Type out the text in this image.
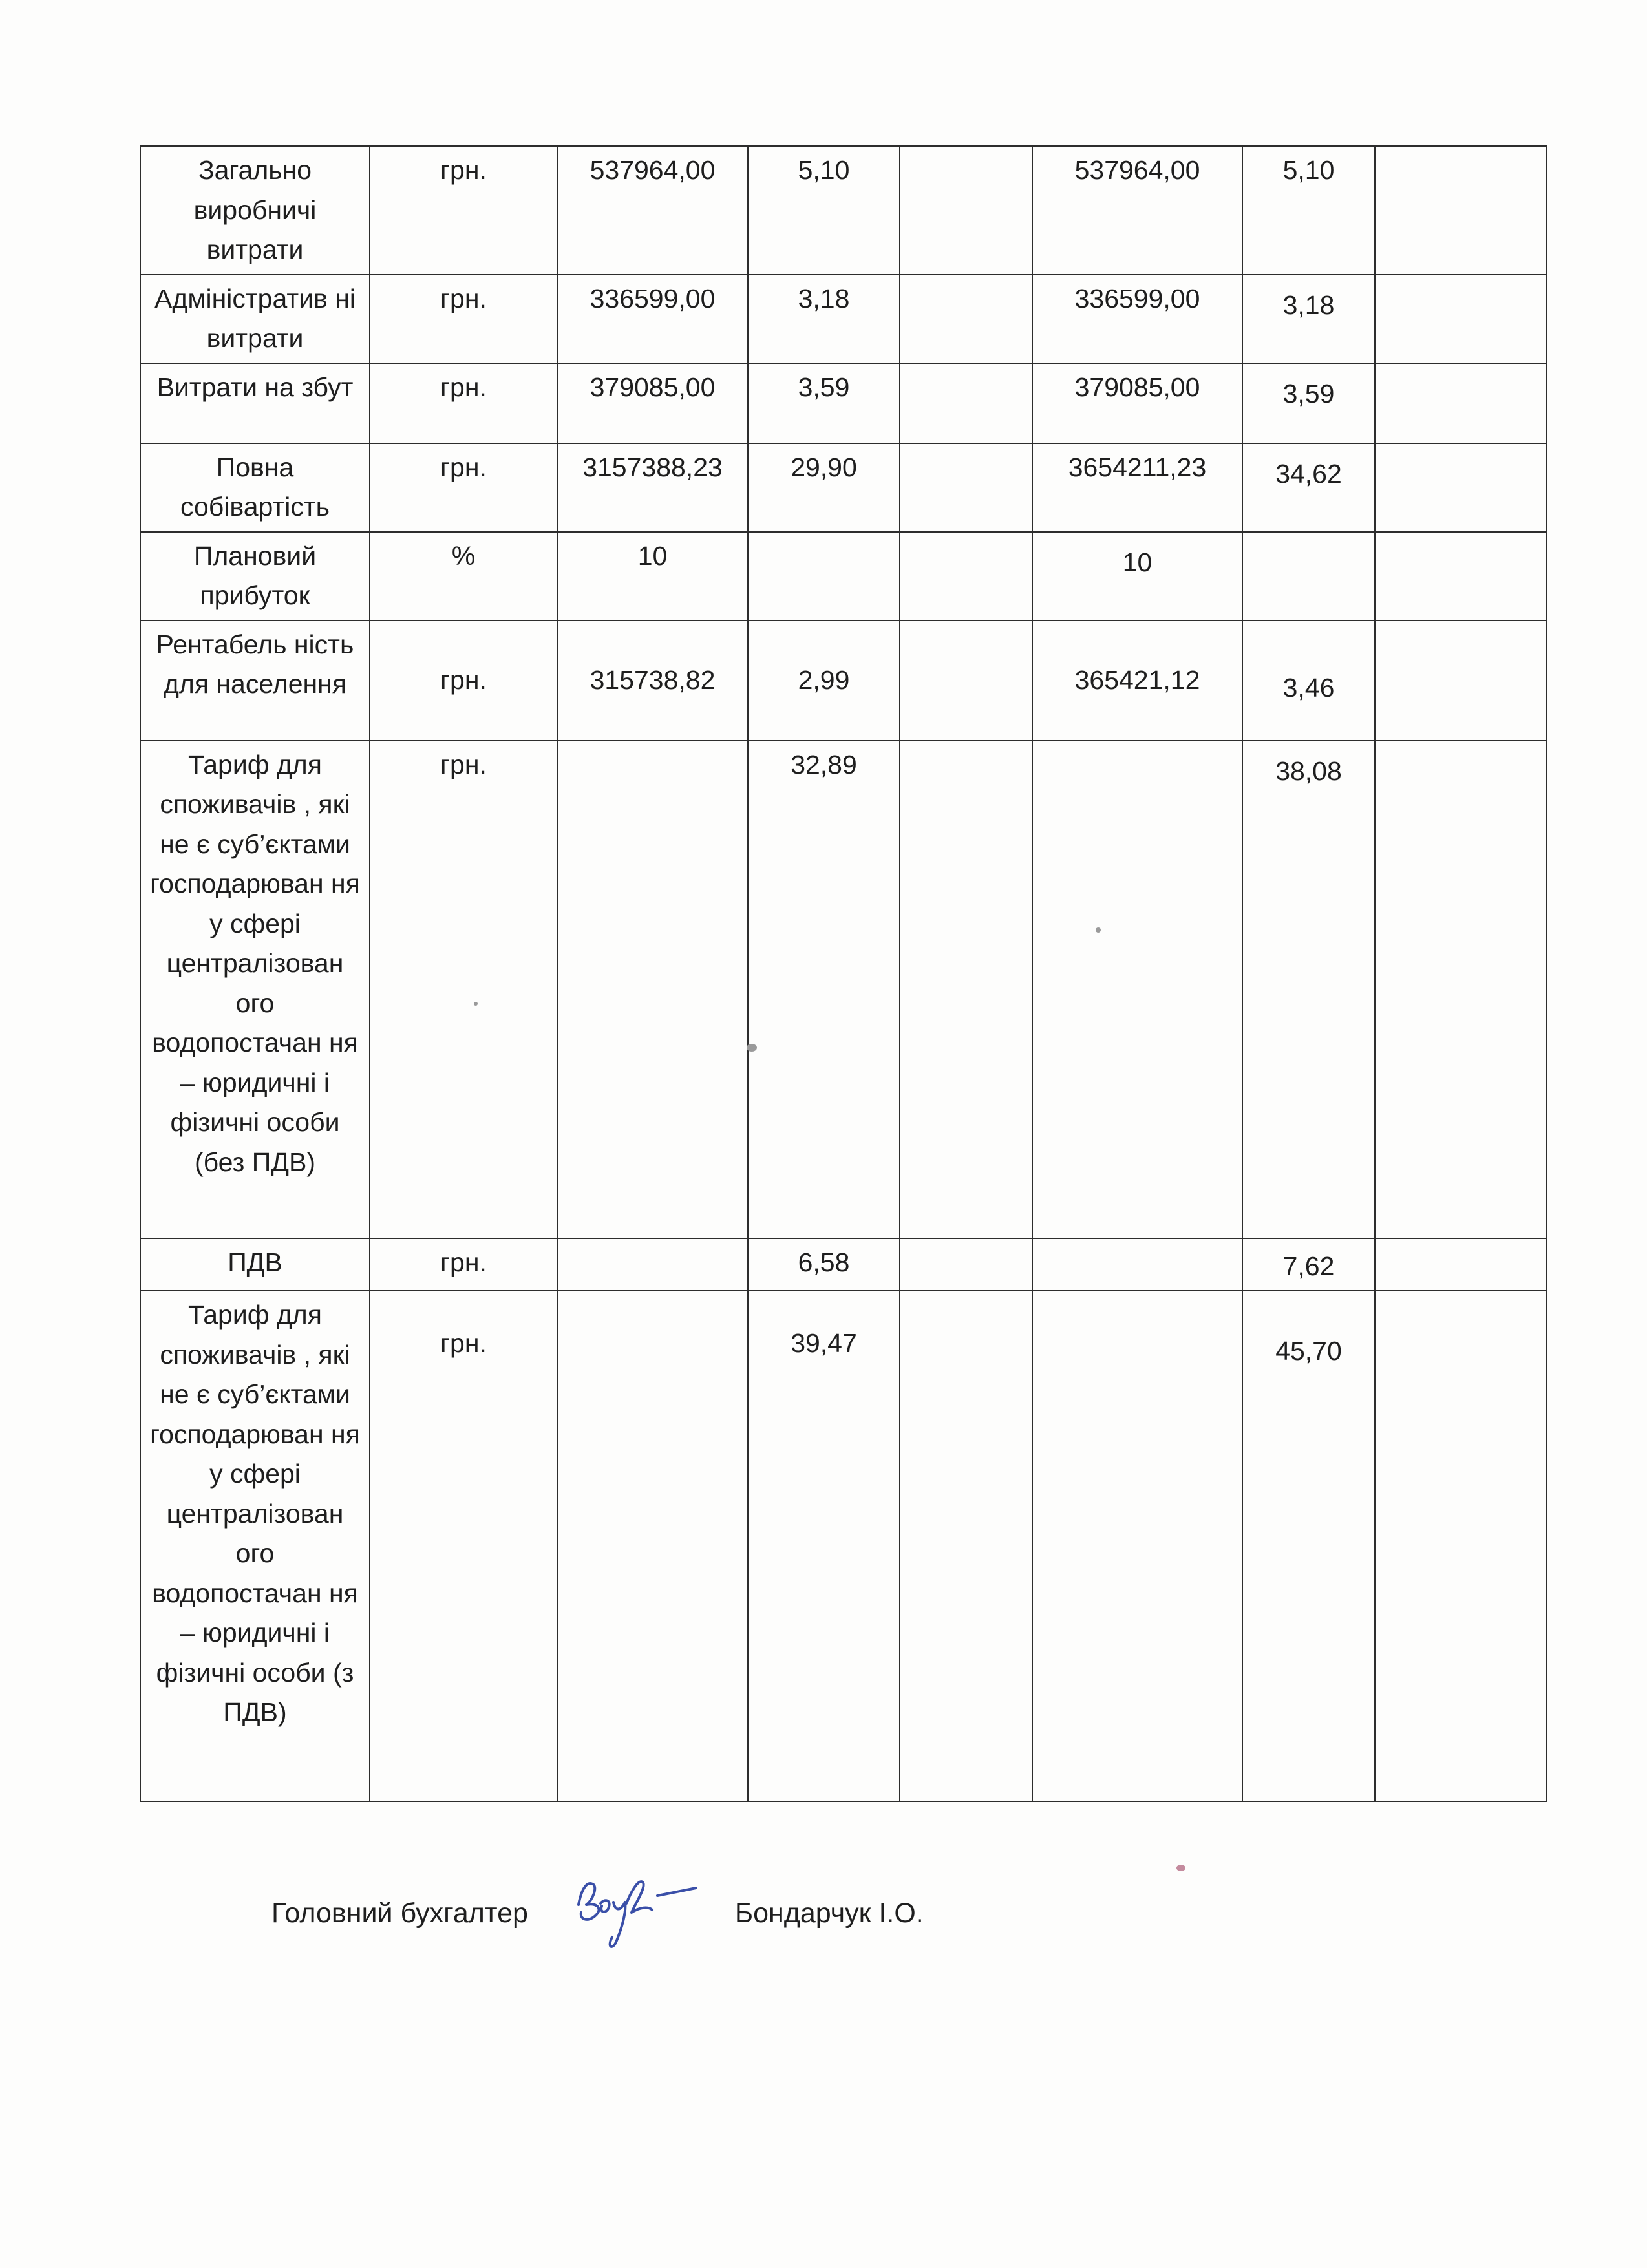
Загально виробничі витрати	грн.	537964,00	5,10		537964,00	5,10	
Адміністратив ні витрати	грн.	336599,00	3,18		336599,00	3,18	
Витрати на збут	грн.	379085,00	3,59		379085,00	3,59	
Повна собівартість	грн.	3157388,23	29,90		3654211,23	34,62	
Плановий прибуток	%	10			10		
Рентабель ність для населення	грн.	315738,82	2,99		365421,12	3,46	
Тариф для споживачів , які не є суб’єктами господарюван ня у сфері централізован ого водопостачан ня – юридичні і фізичні особи (без ПДВ)	грн.		32,89			38,08	
ПДВ	грн.		6,58			7,62	
Тариф для споживачів , які не є суб’єктами господарюван ня у сфері централізован ого водопостачан ня – юридичні і фізичні особи (з ПДВ)	грн.		39,47			45,70	
Головний бухгалтер	Бондарчук І.О.
